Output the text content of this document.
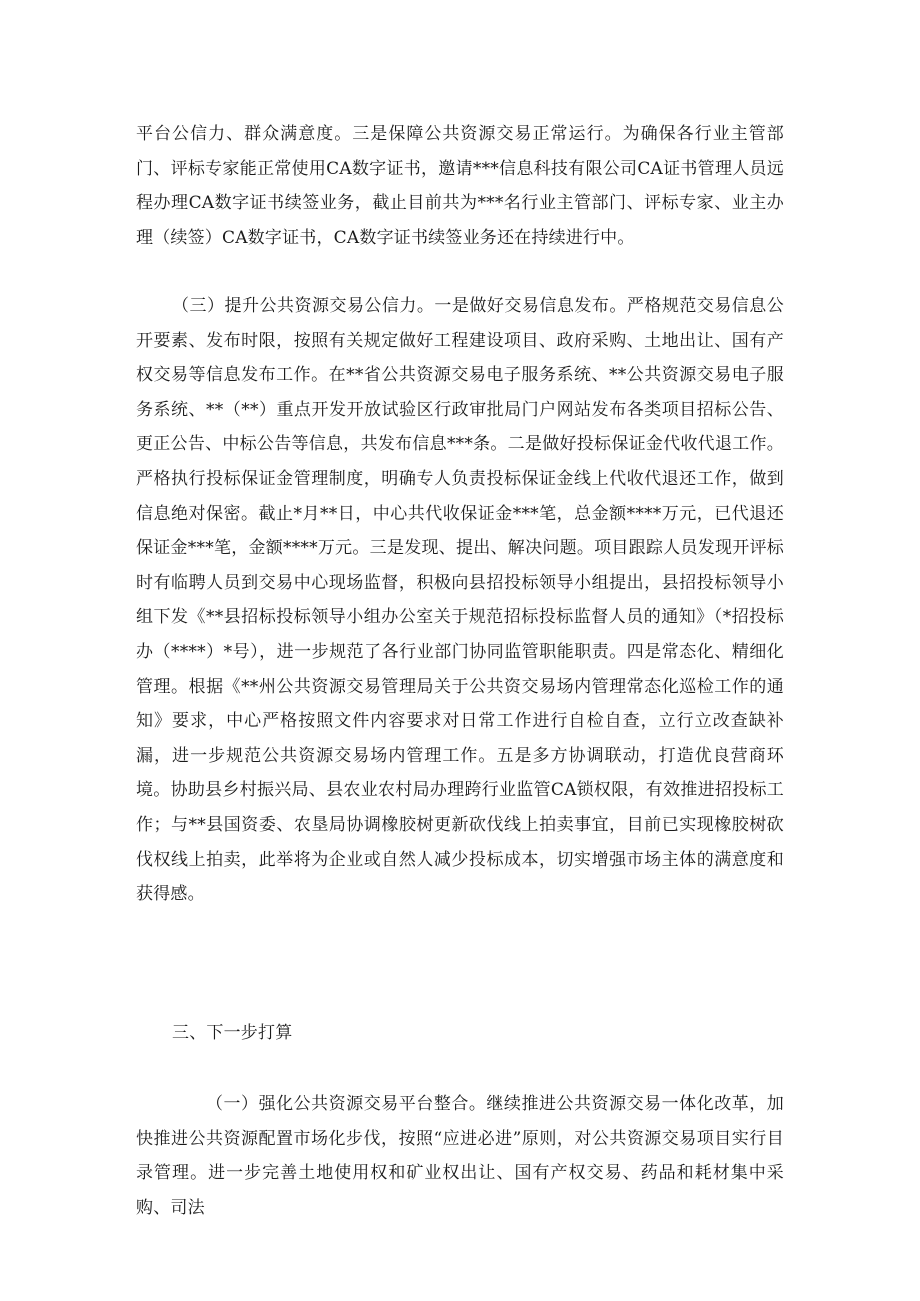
平台公信力、群众满意度。三是保障公共资源交易正常运行。为确保各行业主管部门、评标专家能正常使用CA数字证书，邀请***信息科技有限公司CA证书管理人员远程办理CA数字证书续签业务，截止目前共为***名行业主管部门、评标专家、业主办理（续签）CA数字证书，CA数字证书续签业务还在持续进行中。

（三）提升公共资源交易公信力。一是做好交易信息发布。严格规范交易信息公开要素、发布时限，按照有关规定做好工程建设项目、政府采购、土地出让、国有产权交易等信息发布工作。在**省公共资源交易电子服务系统、**公共资源交易电子服务系统、**（**）重点开发开放试验区行政审批局门户网站发布各类项目招标公告、更正公告、中标公告等信息，共发布信息***条。二是做好投标保证金代收代退工作。严格执行投标保证金管理制度，明确专人负责投标保证金线上代收代退还工作，做到信息绝对保密。截止*月**日，中心共代收保证金***笔，总金额****万元，已代退还保证金***笔，金额****万元。三是发现、提出、解决问题。项目跟踪人员发现开评标时有临聘人员到交易中心现场监督，积极向县招投标领导小组提出，县招投标领导小组下发《**县招标投标领导小组办公室关于规范招标投标监督人员的通知》（*招投标办（****）*号），进一步规范了各行业部门协同监管职能职责。四是常态化、精细化管理。根据《**州公共资源交易管理局关于公共资交易场内管理常态化巡检工作的通知》要求，中心严格按照文件内容要求对日常工作进行自检自查，立行立改查缺补漏，进一步规范公共资源交易场内管理工作。五是多方协调联动，打造优良营商环境。协助县乡村振兴局、县农业农村局办理跨行业监管CA锁权限，有效推进招投标工作；与**县国资委、农垦局协调橡胶树更新砍伐线上拍卖事宜，目前已实现橡胶树砍伐权线上拍卖，此举将为企业或自然人减少投标成本，切实增强市场主体的满意度和获得感。

三、下一步打算

（一）强化公共资源交易平台整合。继续推进公共资源交易一体化改革，加快推进公共资源配置市场化步伐，按照“应进必进”原则，对公共资源交易项目实行目录管理。进一步完善土地使用权和矿业权出让、国有产权交易、药品和耗材集中采购、司法
